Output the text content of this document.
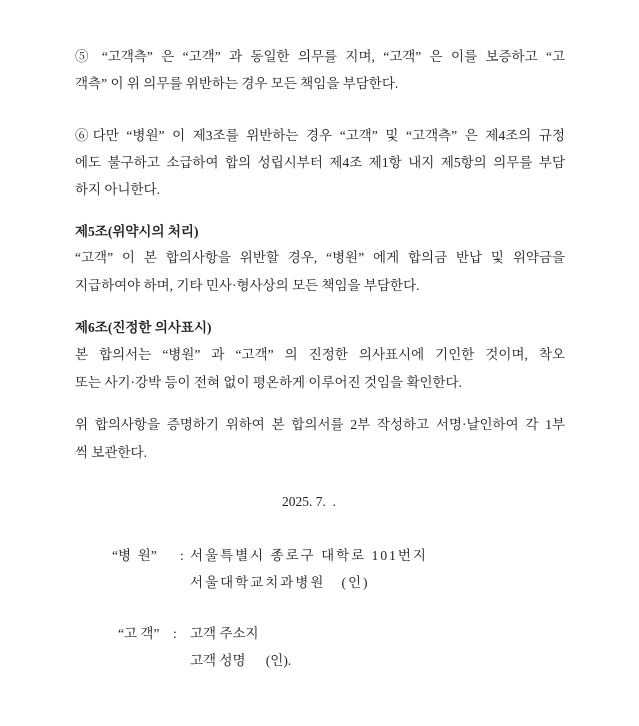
⑤ “고객측” 은 “고객” 과 동일한 의무를 지며, “고객” 은 이를 보증하고 “고
객측” 이 위 의무를 위반하는 경우 모든 책임을 부담한다.
⑥다만 “병원” 이 제3조를 위반하는 경우 “고객” 및 “고객측” 은 제4조의 규정
에도 불구하고 소급하여 합의 성립시부터 제4조 제1항 내지 제5항의 의무를 부담
하지 아니한다.
제5조(위약시의 처리)
“고객” 이 본 합의사항을 위반할 경우, “병원” 에게 합의금 반납 및 위약금을
지급하여야 하며, 기타 민사·형사상의 모든 책임을 부담한다.
제6조(진정한 의사표시)
본 합의서는 “병원” 과 “고객” 의 진정한 의사표시에 기인한 것이며, 착오
또는 사기·강박 등이 전혀 없이 평온하게 이루어진 것임을 확인한다.
위 합의사항을 증명하기 위하여 본 합의서를 2부 작성하고 서명·날인하여 각 1부
씩 보관한다.
2025. 7.  .
“병  원” : 서울특별시 종로구 대학로 101번지
서울대학교치과병원   (인)
“고 객” : 고객 주소지
고객 성명      (인).
